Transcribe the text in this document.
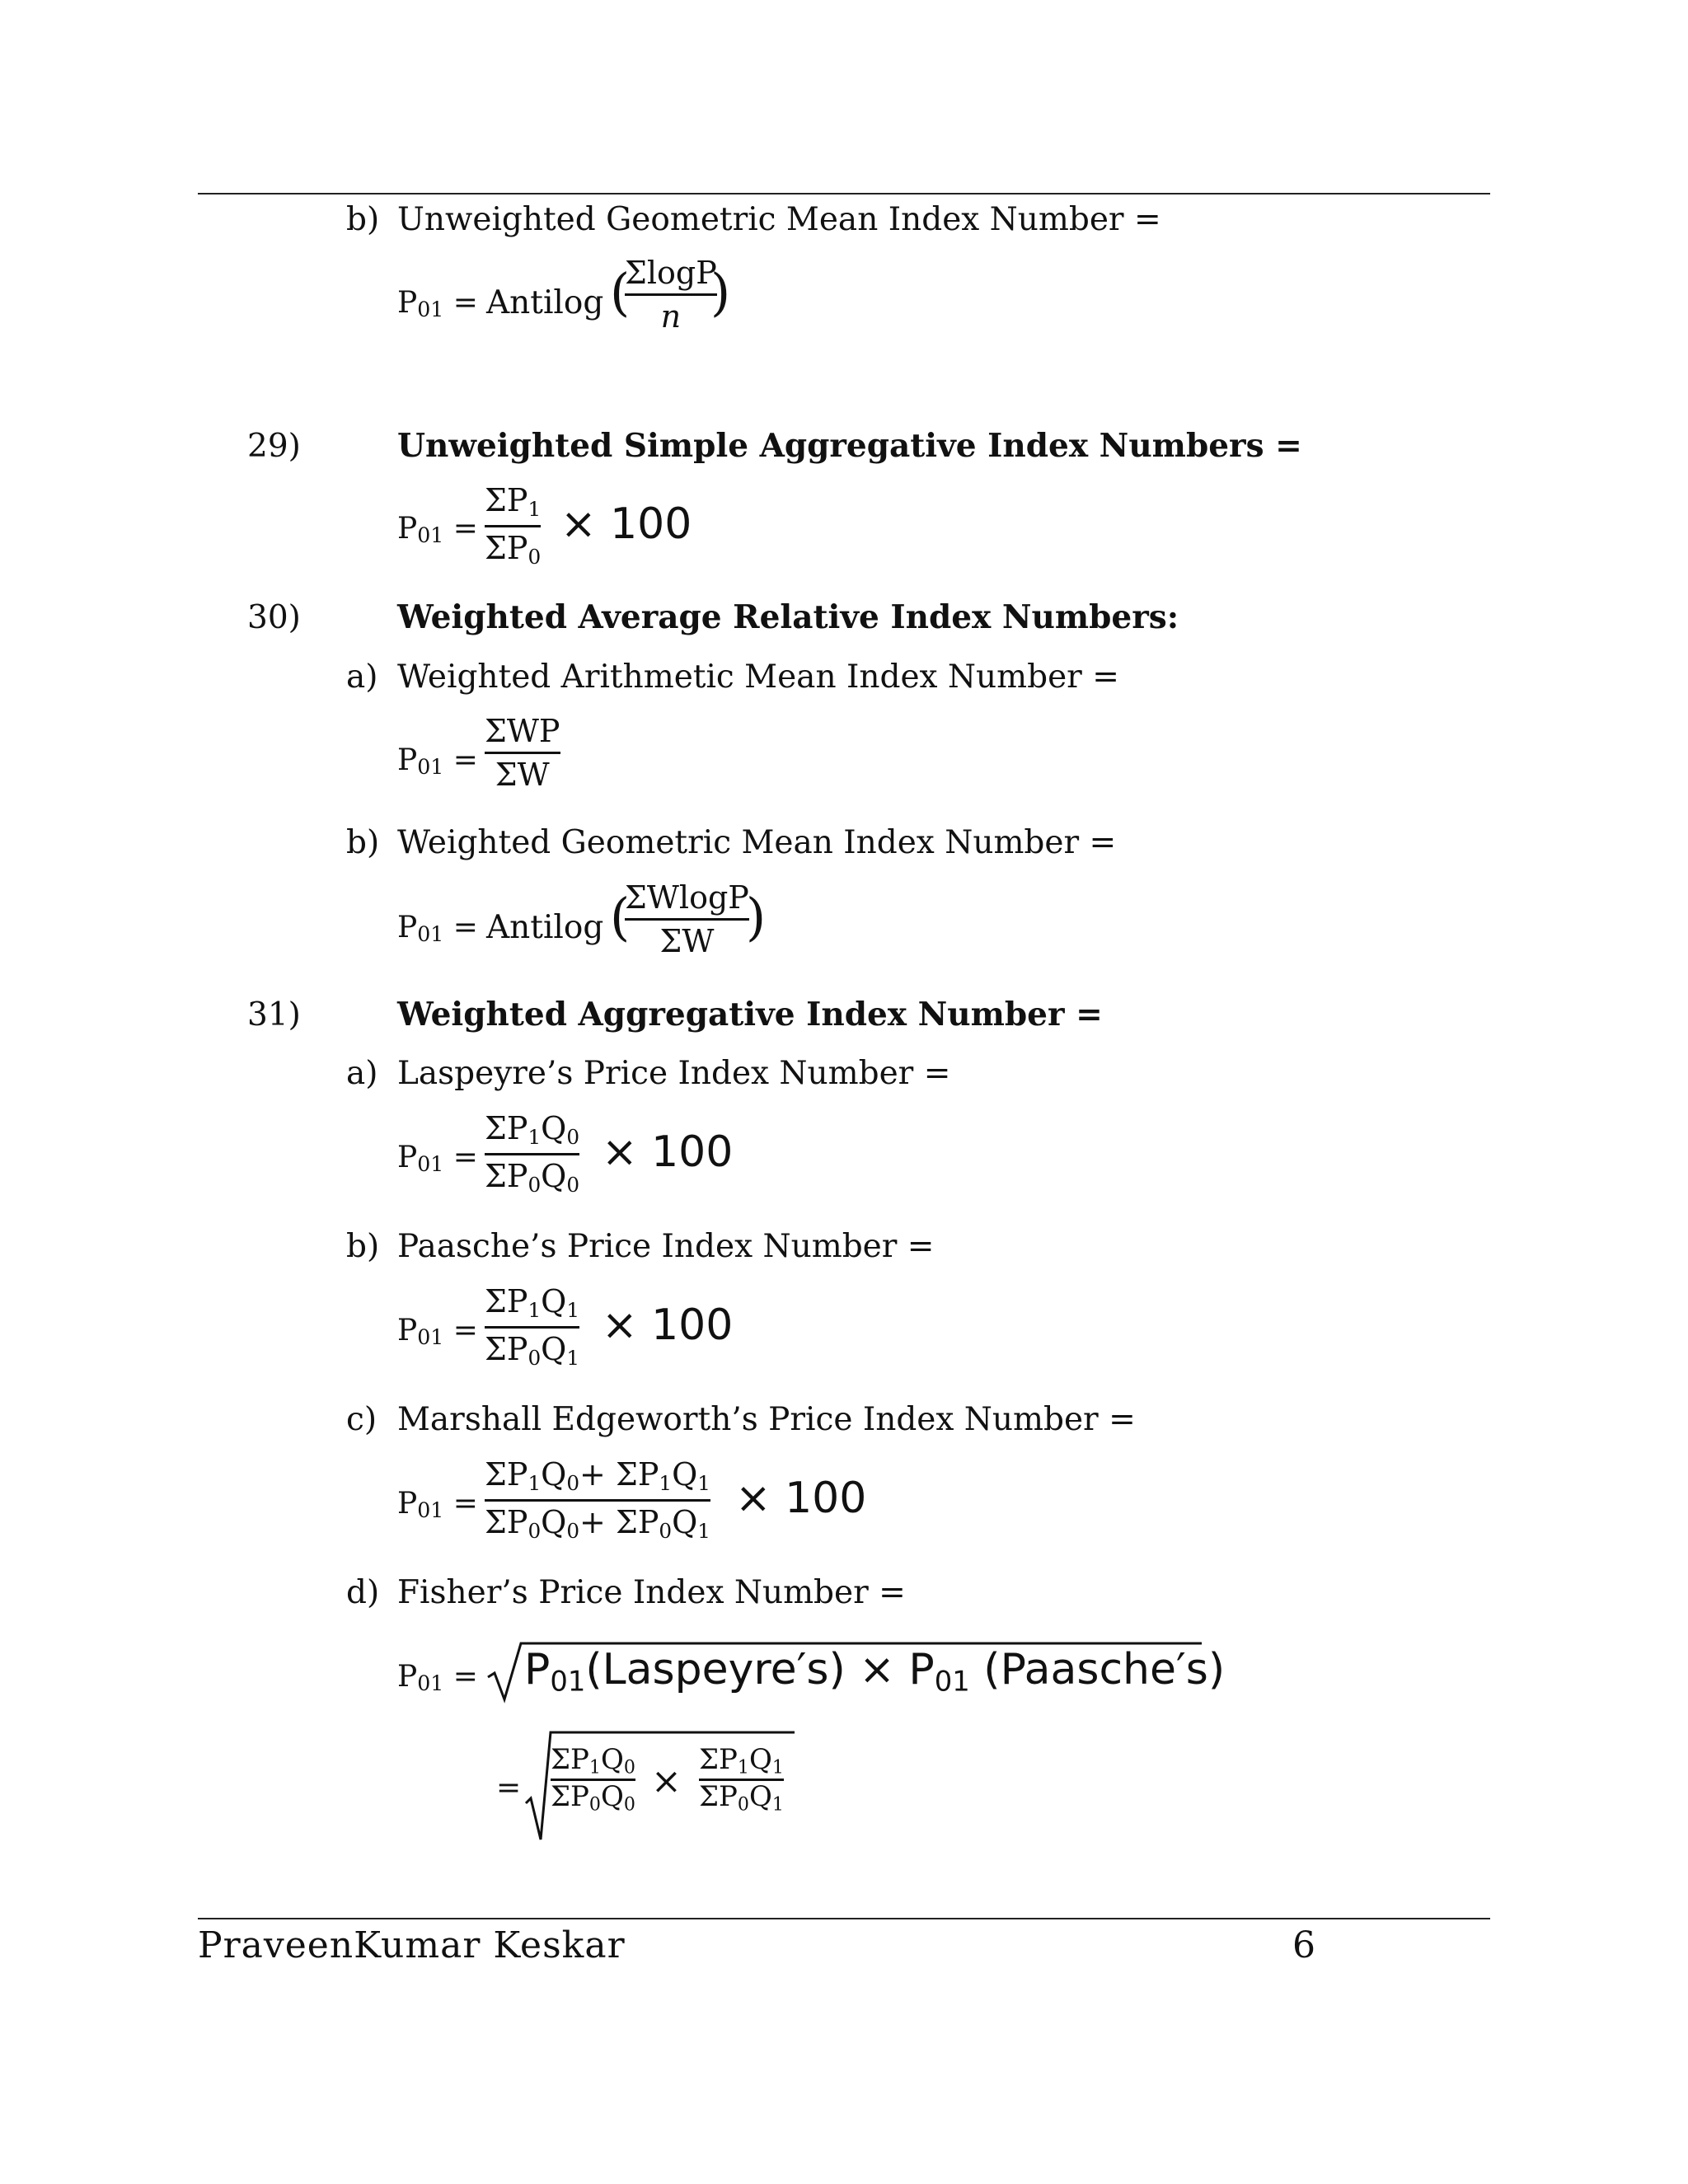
b) Unweighted Geometric Mean Index Number =
$P_{01}$ = Antilog (
ΣlogP
n )
29)	Unweighted Simple Aggregative Index Numbers =
$P_{01}$ =
$\Sigma P_1$
$\Sigma P_0$
× 100
30)	Weighted Average Relative Index Numbers:
a) Weighted Arithmetic Mean Index Number =
$P_{01}$ =
ΣWP
ΣW
b) Weighted Geometric Mean Index Number =
$P_{01}$ = Antilog (
ΣWlogP
ΣW )
31)	Weighted Aggregative Index Number =
a) Laspeyre’s Price Index Number =
$P_{01}$ =
$\Sigma P_1Q_0$
$\Sigma P_0Q_0$
× 100
b) Paasche’s Price Index Number =
$P_{01}$ =
$\Sigma P_1Q_1$
$\Sigma P_0Q_1$
× 100
c) Marshall Edgeworth’s Price Index Number =
$P_{01}$ =
$\Sigma P_1Q_0+ \Sigma P_1Q_1$
$\Sigma P_0Q_0+ \Sigma P_0Q_1$
× 100
d) Fisher’s Price Index Number =
$P_{01}$ = $P_{01}(Laspeyre's) \times P_{01}$ (Paasche′s)
=
$\Sigma P_1Q_0$
$\Sigma P_0Q_0$
×
$\Sigma P_1Q_1$
$\Sigma P_0Q_1$
PraveenKumar Keskar	6
